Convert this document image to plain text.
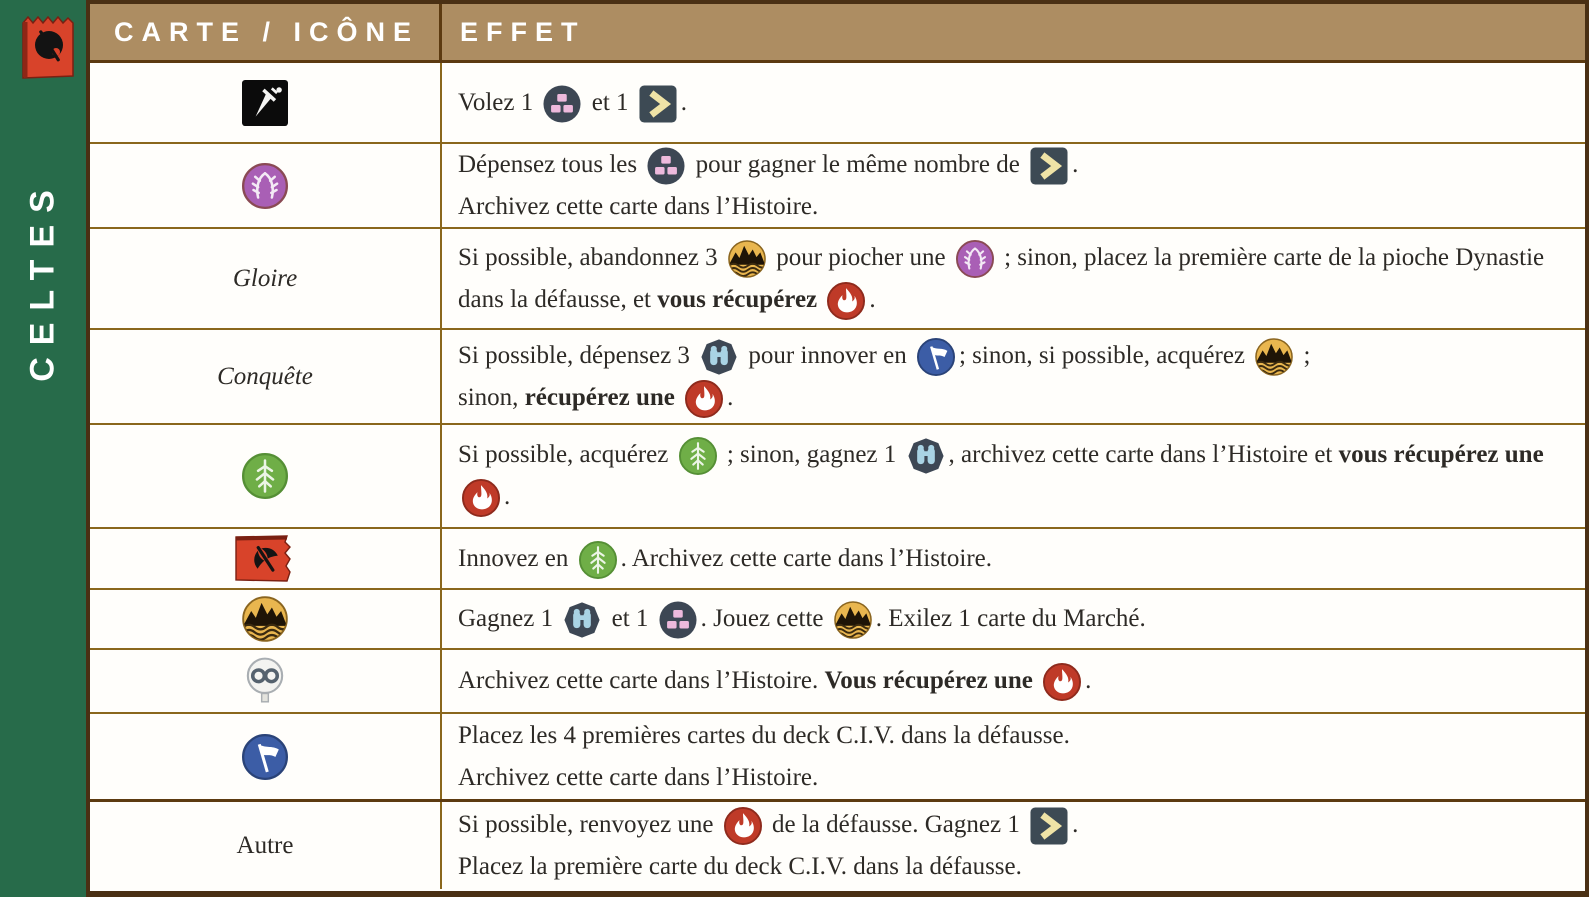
CELTES
CARTE / ICÔNE	EFFET
Volez 1
et 1
.
Dépensez tous les
pour gagner le même nombre de
.
Archivez cette carte dans l’Histoire.
Gloire
Si possible, abandonnez 3
pour piocher une
; sinon, placez la première carte de la pioche Dynastie dans la défausse, et vous récupérez
.
Conquête
Si possible, dépensez 3
pour innover en
; sinon, si possible, acquérez
;
sinon, récupérez une
.
Si possible, acquérez
; sinon, gagnez 1
, archivez cette carte dans l’Histoire et vous récupérez une
.
Innovez en
. Archivez cette carte dans l’Histoire.
Gagnez 1
et 1
. Jouez cette
. Exilez 1 carte du Marché.
Archivez cette carte dans l’Histoire. Vous récupérez une
.
Placez les 4 premières cartes du deck C.I.V. dans la défausse.
Archivez cette carte dans l’Histoire.
Autre
Si possible, renvoyez une
de la défausse. Gagnez 1
.
Placez la première carte du deck C.I.V. dans la défausse.
